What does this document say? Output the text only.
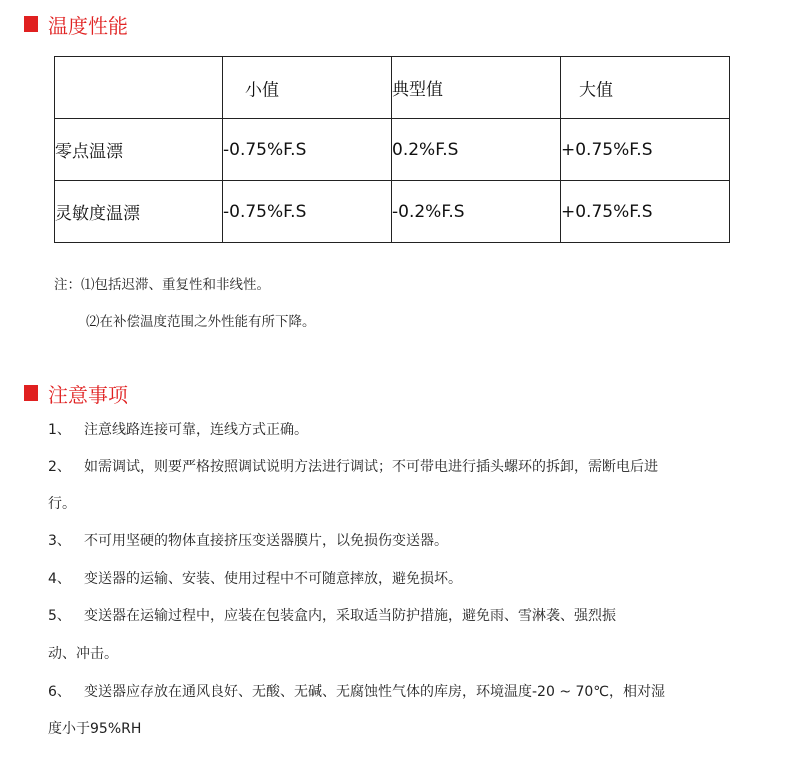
温度性能

	小值	典型值	大值

零点温漂	-0.75%F.S	0.2%F.S	+0.75%F.S
灵敏度温漂	-0.75%F.S	-0.2%F.S	+0.75%F.S
注：⑴包括迟滞、重复性和非线性。
⑵在补偿温度范围之外性能有所下降。
注意事项
1、 注意线路连接可靠，连线方式正确。
2、 如需调试，则要严格按照调试说明方法进行调试；不可带电进行插头螺环的拆卸，需断电后进
行。
3、 不可用坚硬的物体直接挤压变送器膜片，以免损伤变送器。
4、 变送器的运输、安装、使用过程中不可随意摔放，避免损坏。
5、 变送器在运输过程中，应装在包装盒内，采取适当防护措施，避免雨、雪淋袭、强烈振
动、冲击。
6、 变送器应存放在通风良好、无酸、无碱、无腐蚀性气体的库房，环境温度-20 ~ 70℃，相对湿
度小于95%RH
